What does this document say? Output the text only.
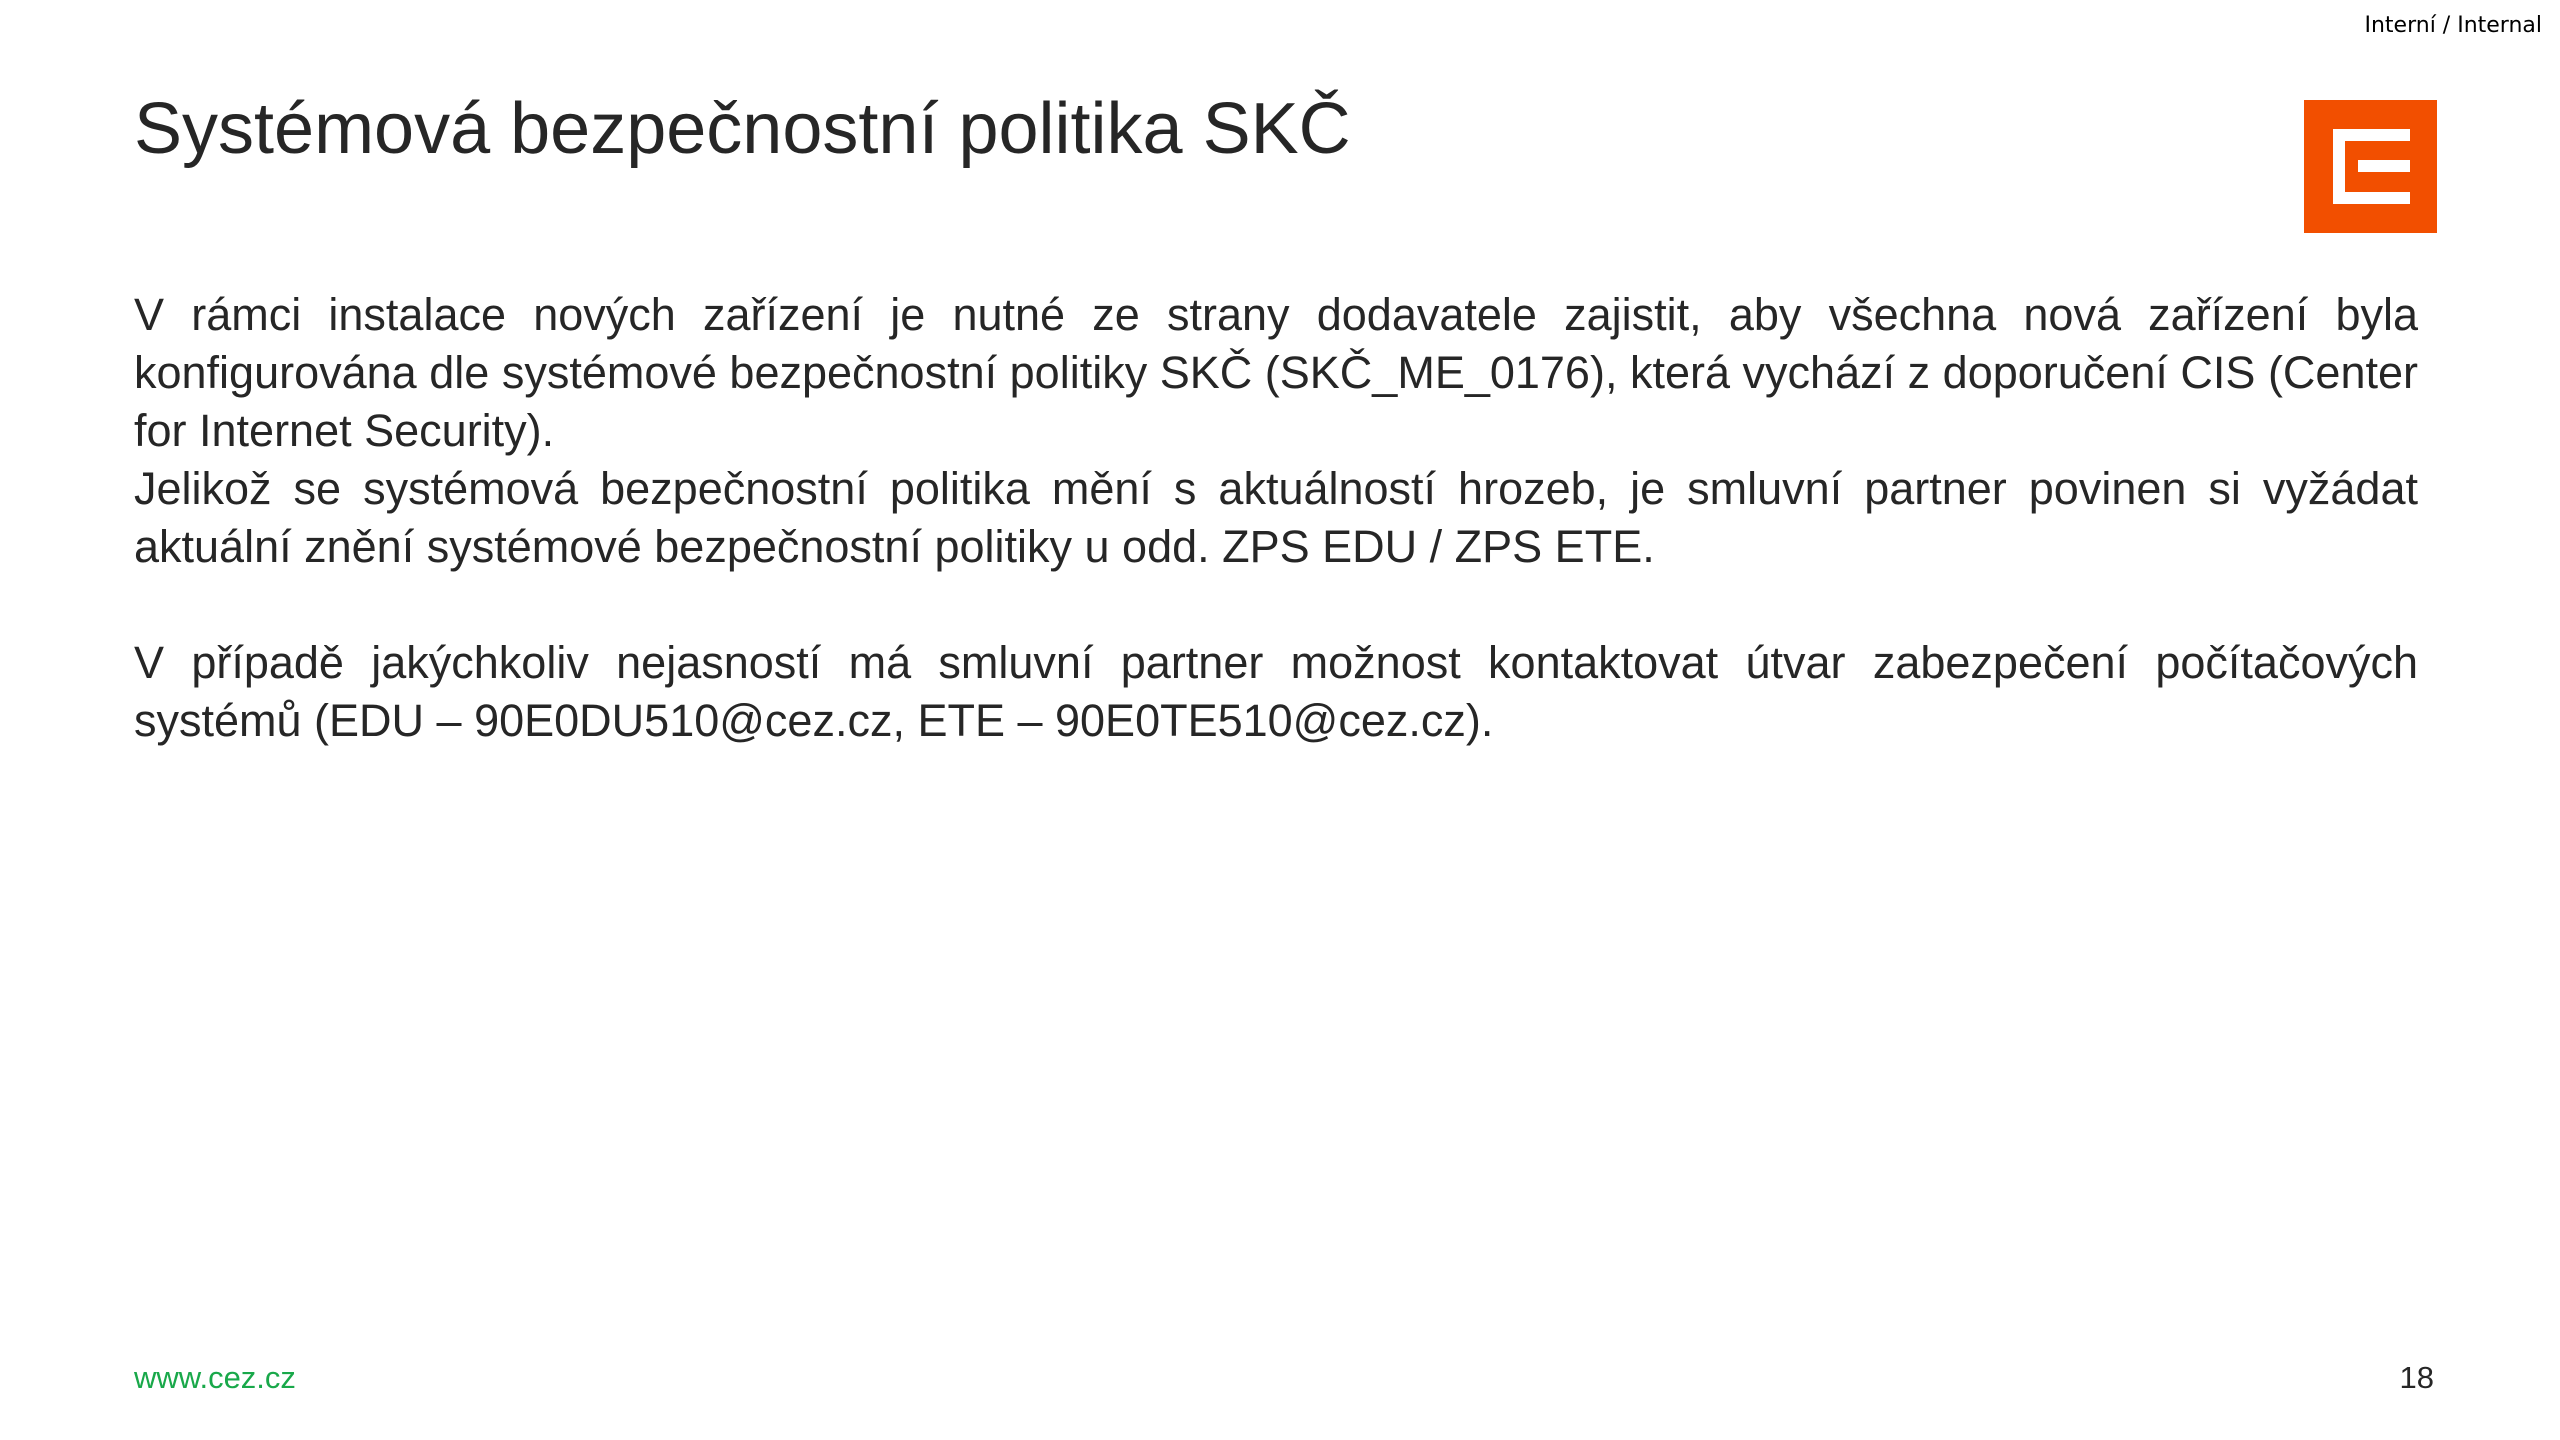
Interní / Internal
Systémová bezpečnostní politika SKČ

V rámci instalace nových zařízení je nutné ze strany dodavatele zajistit, aby všechna nová zařízení byla konfigurována dle systémové bezpečnostní politiky SKČ (SKČ_ME_0176), která vychází z doporučení CIS (Center for Internet Security).

Jelikož se systémová bezpečnostní politika mění s aktuálností hrozeb, je smluvní partner povinen si vyžádat aktuální znění systémové bezpečnostní politiky u odd. ZPS EDU / ZPS ETE.

V případě jakýchkoliv nejasností má smluvní partner možnost kontaktovat útvar zabezpečení počítačových systémů (EDU – 90E0DU510@cez.cz, ETE – 90E0TE510@cez.cz).

www.cez.cz	18
